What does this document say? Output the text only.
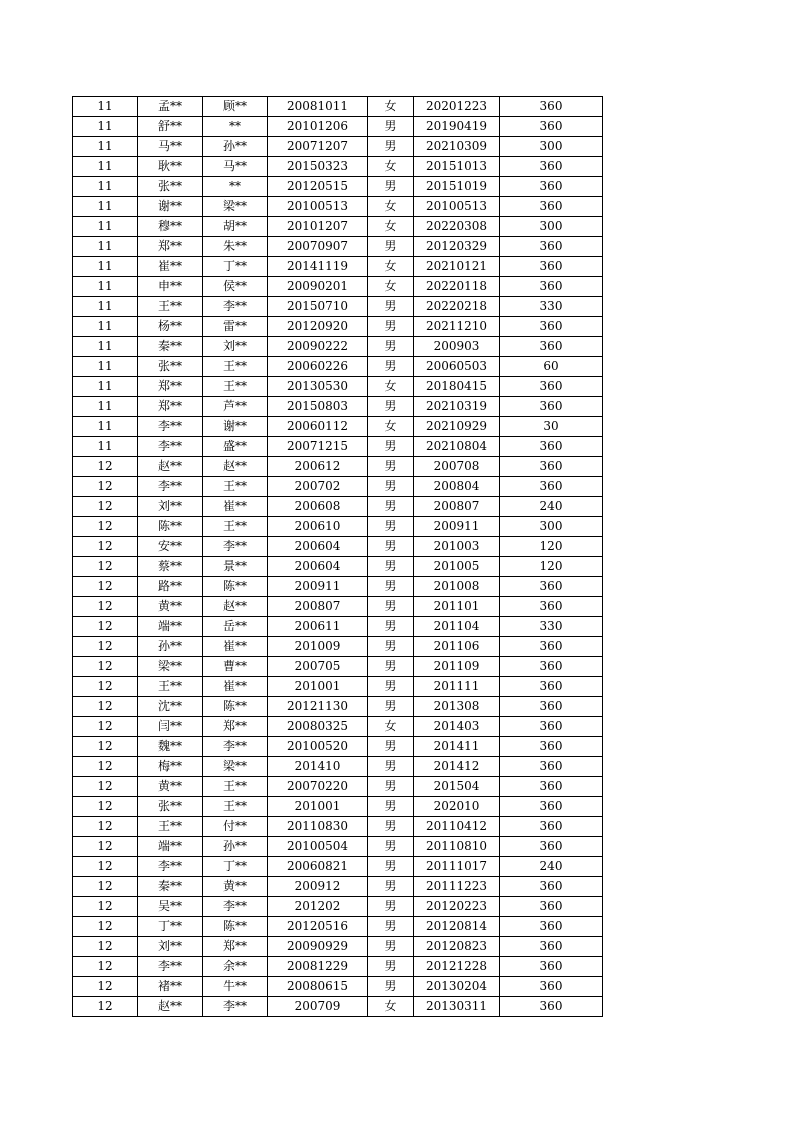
11	孟**	顾**	20081011	女	20201223	360
11	舒**	**	20101206	男	20190419	360
11	马**	孙**	20071207	男	20210309	300
11	耿**	马**	20150323	女	20151013	360
11	张**	**	20120515	男	20151019	360
11	谢**	梁**	20100513	女	20100513	360
11	穆**	胡**	20101207	女	20220308	300
11	郑**	朱**	20070907	男	20120329	360
11	崔**	丁**	20141119	女	20210121	360
11	申**	侯**	20090201	女	20220118	360
11	王**	李**	20150710	男	20220218	330
11	杨**	雷**	20120920	男	20211210	360
11	秦**	刘**	20090222	男	200903	360
11	张**	王**	20060226	男	20060503	60
11	郑**	王**	20130530	女	20180415	360
11	郑**	芦**	20150803	男	20210319	360
11	李**	谢**	20060112	女	20210929	30
11	李**	盛**	20071215	男	20210804	360
12	赵**	赵**	200612	男	200708	360
12	李**	王**	200702	男	200804	360
12	刘**	崔**	200608	男	200807	240
12	陈**	王**	200610	男	200911	300
12	安**	李**	200604	男	201003	120
12	蔡**	景**	200604	男	201005	120
12	路**	陈**	200911	男	201008	360
12	黄**	赵**	200807	男	201101	360
12	端**	岳**	200611	男	201104	330
12	孙**	崔**	201009	男	201106	360
12	梁**	曹**	200705	男	201109	360
12	王**	崔**	201001	男	201111	360
12	沈**	陈**	20121130	男	201308	360
12	闫**	郑**	20080325	女	201403	360
12	魏**	李**	20100520	男	201411	360
12	梅**	梁**	201410	男	201412	360
12	黄**	王**	20070220	男	201504	360
12	张**	王**	201001	男	202010	360
12	王**	付**	20110830	男	20110412	360
12	端**	孙**	20100504	男	20110810	360
12	李**	丁**	20060821	男	20111017	240
12	秦**	黄**	200912	男	20111223	360
12	吴**	李**	201202	男	20120223	360
12	丁**	陈**	20120516	男	20120814	360
12	刘**	郑**	20090929	男	20120823	360
12	李**	余**	20081229	男	20121228	360
12	褚**	牛**	20080615	男	20130204	360
12	赵**	李**	200709	女	20130311	360
